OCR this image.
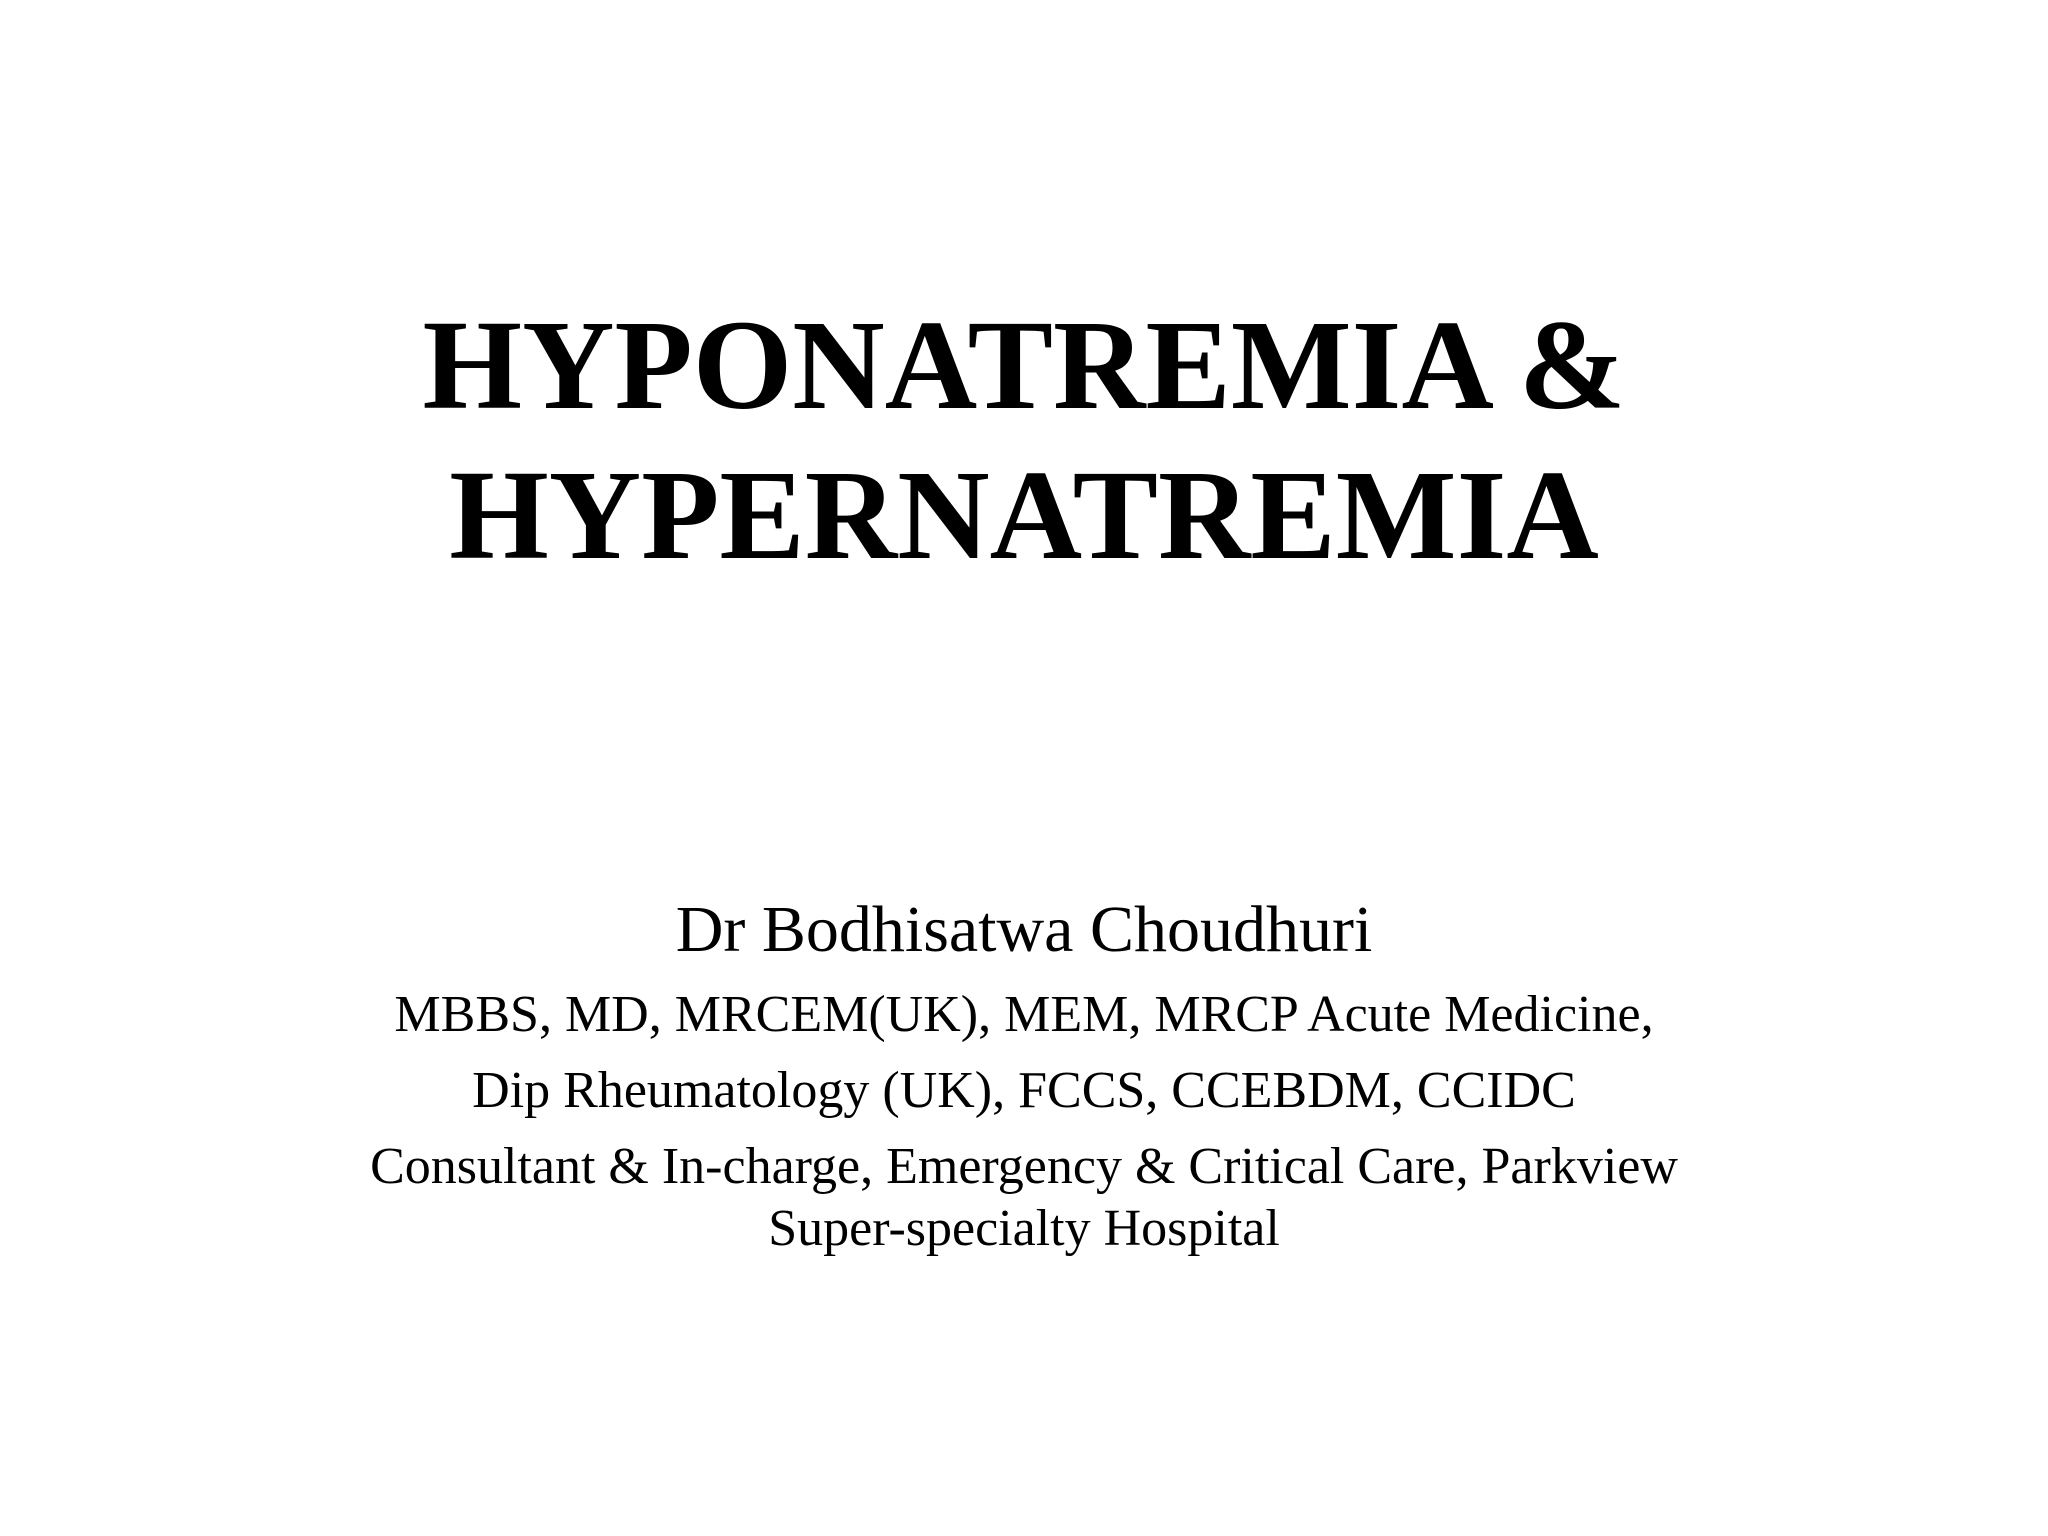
HYPONATREMIA &
HYPERNATREMIA

Dr Bodhisatwa Choudhuri

MBBS, MD, MRCEM(UK), MEM, MRCP Acute Medicine,

Dip Rheumatology (UK), FCCS, CCEBDM, CCIDC

Consultant & In-charge, Emergency & Critical Care, Parkview
Super-specialty Hospital
